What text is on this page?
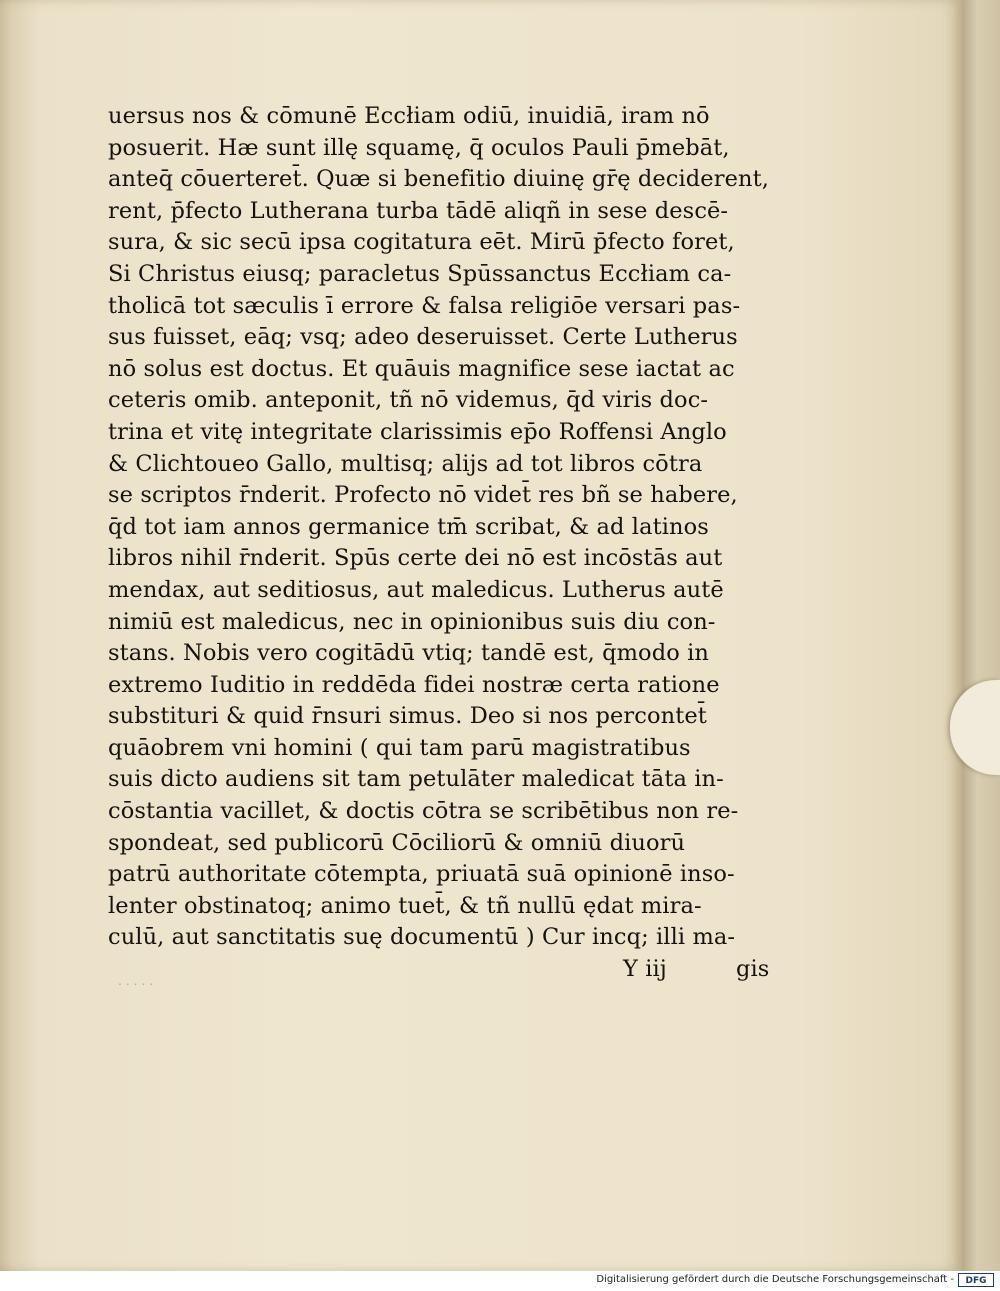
uersus nos & cōmunē Eccłiam odiū, inuidiā, iram nō
posuerit. Hæ sunt illę squamę, q̄ oculos Pauli p̄mebāt,
anteq̄ cōuerteret̄. Quæ si benefitio diuinę gr̄ę deciderent,
rent, p̄fecto Lutherana turba tādē aliqñ in sese descē-
sura, & sic secū ipsa cogitatura eēt. Mirū p̄fecto foret,
Si Christus eiusq; paracletus Spūssanctus Eccłiam ca-
tholicā tot sæculis ī errore & falsa religiōe versari pas-
sus fuisset, eāq; vsq; adeo deseruisset. Certe Lutherus
nō solus est doctus. Et quāuis magnifice sese iactat ac
ceteris omib. anteponit, tñ nō videmus, q̄d viris doc-
trina et vitę integritate clarissimis ep̄o Roffensi Anglo
& Clichtoueo Gallo, multisq; alijs ad tot libros cōtra
se scriptos r̄nderit. Profecto nō videt̄ res bñ se habere,
q̄d tot iam annos germanice tm̄ scribat, & ad latinos
libros nihil r̄nderit. Spūs certe dei nō est incōstās aut
mendax, aut seditiosus, aut maledicus. Lutherus autē
nimiū est maledicus, nec in opinionibus suis diu con-
stans. Nobis vero cogitādū vtiq; tandē est, q̄modo in
extremo Iuditio in reddēda fidei nostræ certa ratione
substituri & quid r̄nsuri simus. Deo si nos percontet̄
quāobrem vni homini ( qui tam parū magistratibus
suis dicto audiens sit tam petulāter maledicat tāta in-
cōstantia vacillet, & doctis cōtra se scribētibus non re-
spondeat, sed publicorū Cōciliorū & omniū diuorū
patrū authoritate cōtempta, priuatā suā opinionē inso-
lenter obstinatoq; animo tuet̄, & tñ nullū ędat mira-
culū, aut sanctitatis suę documentū ) Cur incq; illi ma-
. . . . .	Y iij	gis
Digitalisierung gefördert durch die Deutsche Forschungsgemeinschaft -	DFG
